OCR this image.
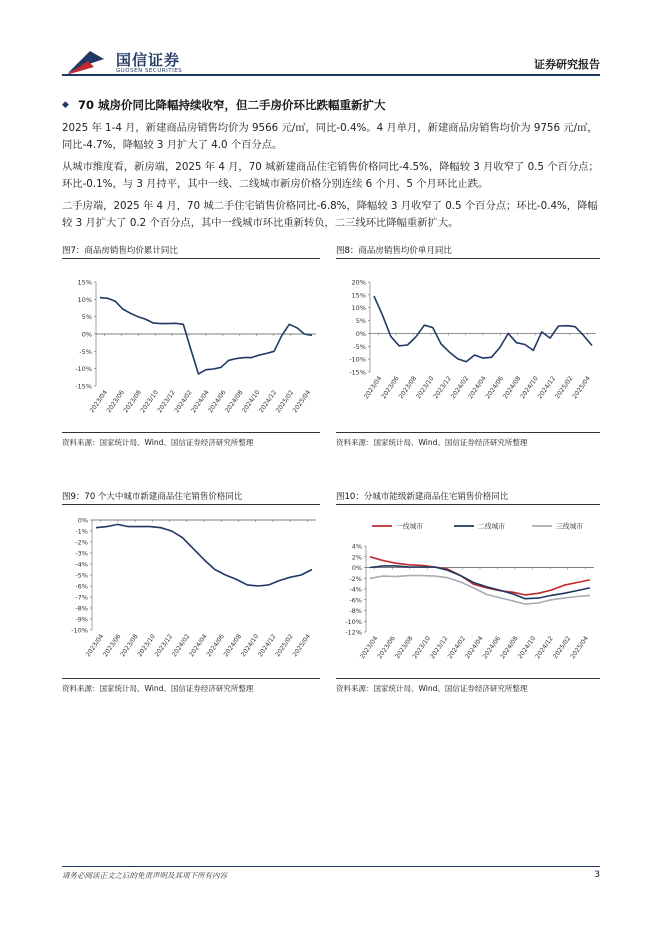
国信证券
GUOSEN SECURITIES	证券研究报告
◆ 70 城房价同比降幅持续收窄，但二手房价环比跌幅重新扩大
2025 年 1-4 月，新建商品房销售均价为 9566 元/㎡，同比-0.4%。4 月单月，新建商品房销售均价为 9756 元/㎡，同比-4.7%，降幅较 3 月扩大了 4.0 个百分点。
从城市维度看，新房端，2025 年 4 月，70 城新建商品住宅销售价格同比-4.5%，降幅较 3 月收窄了 0.5 个百分点；环比-0.1%，与 3 月持平，其中一线、二线城市新房价格分别连续 6 个月、5 个月环比止跌。
二手房端，2025 年 4 月，70 城二手住宅销售价格同比-6.8%，降幅较 3 月收窄了 0.5 个百分点；环比-0.4%，降幅较 3 月扩大了 0.2 个百分点，其中一线城市环比重新转负，二三线环比降幅重新扩大。
图7：商品房销售均价累计同比
15%
10%
5%
0%
-5%
-10%
-15%
2023/04
2023/06
2023/08
2023/10
2023/12
2024/02
2024/04
2024/06
2024/08
2024/10
2024/12
2025/02
2025/04
资料来源：国家统计局、Wind、国信证券经济研究所整理
图8：商品房销售均价单月同比
20%
15%
10%
5%
0%
-5%
-10%
-15%
2023/04
2023/06
2023/08
2023/10
2023/12
2024/02
2024/04
2024/06
2024/08
2024/10
2024/12
2025/02
2025/04
资料来源：国家统计局、Wind、国信证券经济研究所整理
图9：70 个大中城市新建商品住宅销售价格同比
0%
-1%
-2%
-3%
-4%
-5%
-6%
-7%
-8%
-9%
-10%
2023/04
2023/06
2023/08
2023/10
2023/12
2024/02
2024/04
2024/06
2024/08
2024/10
2024/12
2025/02
2025/04
资料来源：国家统计局、Wind、国信证券经济研究所整理
图10：分城市能级新建商品住宅销售价格同比
4%
2%
0%
-2%
-4%
-6%
-8%
-10%
-12%
2023/04
2023/06
2023/08
2023/10
2023/12
2024/02
2024/04
2024/06
2024/08
2024/10
2024/12
2025/02
2025/04
一线城市	二线城市	三线城市
资料来源：国家统计局、Wind、国信证券经济研究所整理
请务必阅读正文之后的免责声明及其项下所有内容	3
